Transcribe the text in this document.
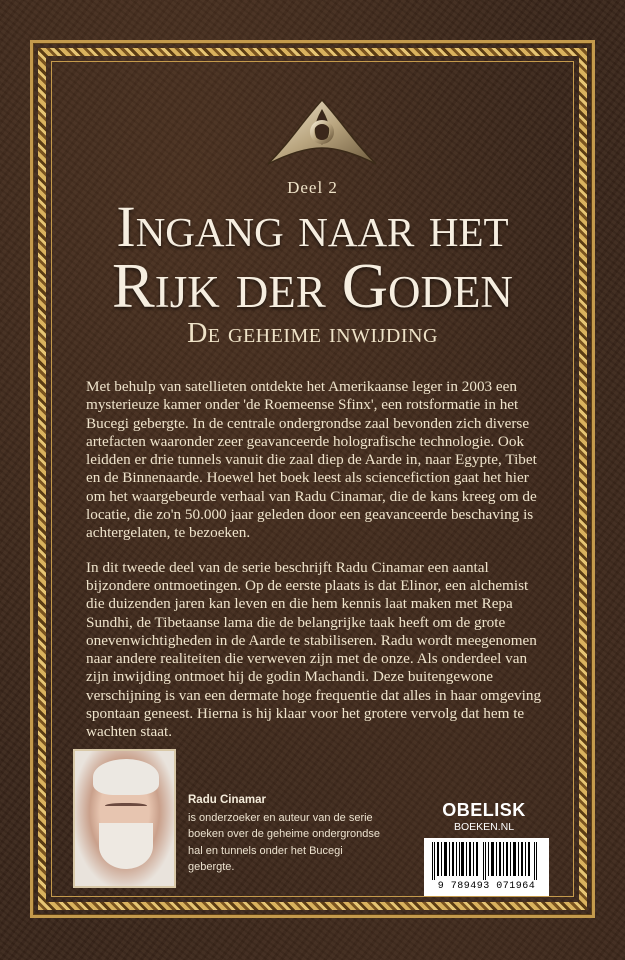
Deel 2
Ingang naar het
Rijk der Goden
De geheime inwijding

Met behulp van satellieten ontdekte het Amerikaanse leger in 2003 een mysterieuze kamer onder 'de Roemeense Sfinx', een rotsformatie in het Bucegi gebergte. In de centrale ondergrondse zaal bevonden zich diverse artefacten waaronder zeer geavanceerde holografische technologie. Ook leidden er drie tunnels vanuit die zaal diep de Aarde in, naar Egypte, Tibet en de Binnenaarde. Hoewel het boek leest als sciencefiction gaat het hier om het waargebeurde verhaal van Radu Cinamar, die de kans kreeg om de locatie, die zo'n 50.000 jaar geleden door een geavanceerde beschaving is achtergelaten, te bezoeken.

In dit tweede deel van de serie beschrijft Radu Cinamar een aantal bijzondere ontmoetingen. Op de eerste plaats is dat Elinor, een alchemist die duizenden jaren kan leven en die hem kennis laat maken met Repa Sundhi, de Tibetaanse lama die de belangrijke taak heeft om de grote onevenwichtigheden in de Aarde te stabiliseren. Radu wordt meegenomen naar andere realiteiten die verweven zijn met de onze. Als onderdeel van zijn inwijding ontmoet hij de godin Machandi. Deze buitengewone verschijning is van een dermate hoge frequentie dat alles in haar omgeving spontaan geneest. Hierna is hij klaar voor het grotere vervolg dat hem te wachten staat.

Radu Cinamar
is onderzoeker en auteur van de serie boeken over de geheime ondergrondse hal en tunnels onder het Bucegi gebergte.
OBELISK
BOEKEN.NL
9 789493 071964
